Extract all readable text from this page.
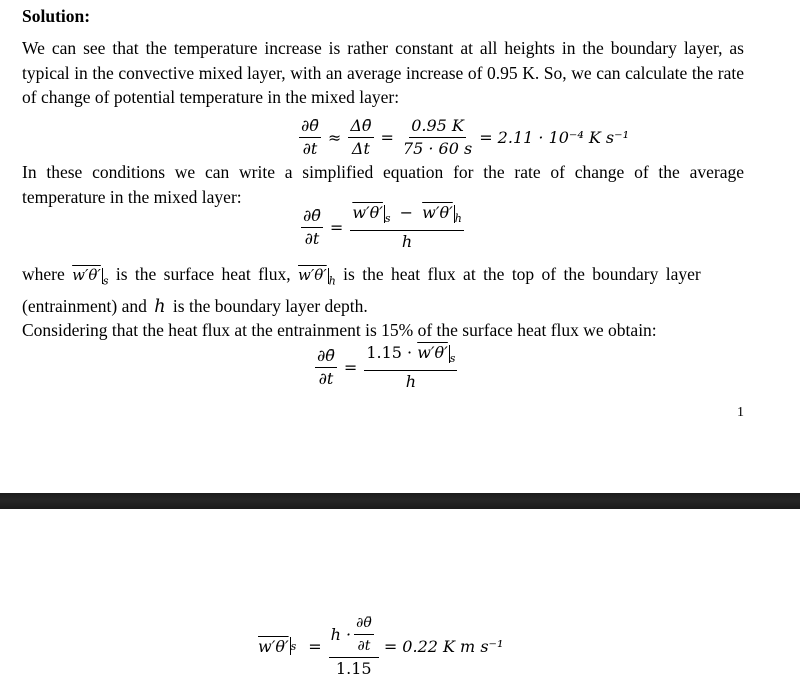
Solution:

We can see that the temperature increase is rather constant at all heights in the boundary layer, as typical in the convective mixed layer, with an average increase of 0.95 K. So, we can calculate the rate of change of potential temperature in the mixed layer:

$\frac{\partial\thetā}{\partial t} \approx \frac{\Delta\thetā}{\Delta t} = \frac{0.95 K}{75 \cdot 60 s} = 2.11 \cdot 10^{-4}$ K s⁻¹

In these conditions we can write a simplified equation for the rate of change of the average temperature in the mixed layer:

$\frac{\partial\thetā}{\partial t} = \frac{w'\theta' _s - w'\theta' _h}{h}$

where w′θ′ $_s$ is the surface heat flux, w′θ′ $_h$ is the heat flux at the top of the boundary layer
(entrainment) and h is the boundary layer depth.

Considering that the heat flux at the entrainment is 15% of the surface heat flux we obtain:

$\frac{\partial\thetā}{\partial t} = \frac{1.15 \cdot w'\theta' _s}{h}$
1
w′θ′ $s = \frac{h \cdot \frac{\partial\thetā}{\partial t}}{1.15} = 0.22$ K m s⁻¹
